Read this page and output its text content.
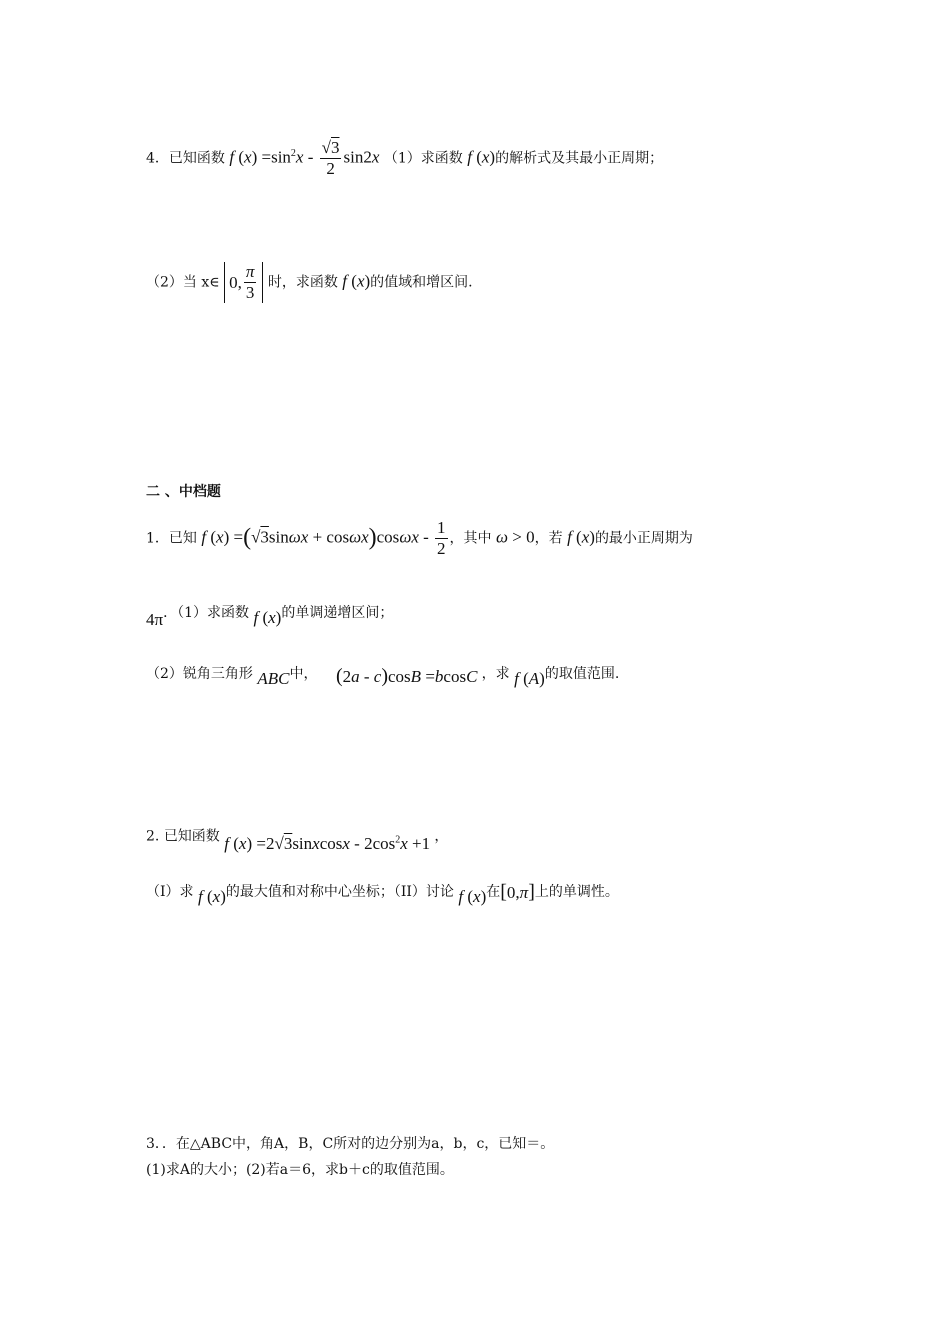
4．已知函数 f $(x) =\sin^2x - \frac{√3}{2} \sin 2x$ （1）求函数 f (x)的解析式及其最小正周期；
（2）当 x∈ 0, $\frac{\pi}{3}$ 时，求函数 f (x)的值域和增区间.
二 、中档题
1．已知 f $(x) =(√3\sin\omega x + \cos\omega x)\cos\omega x - \frac{1}{2}$ ，其中 ω > 0，若 f (x)的最小正周期为
4π．（1）求函数 f (x)的单调递增区间；
（2）锐角三角形 ABC中， (2a - c)cosB =bcosC ，求 f (A)的取值范围.
2. 已知函数 f (x) =2√3sinxcosx - $2\cos^2x +1$ ，
（I）求 f (x)的最大值和对称中心坐标；（II）讨论 f (x)在[0,π]上的单调性。
3．．在△ABC中，角A，B，C所对的边分别为a，b，c，已知＝。
(1)求A的大小；(2)若a＝6，求b＋c的取值范围。
